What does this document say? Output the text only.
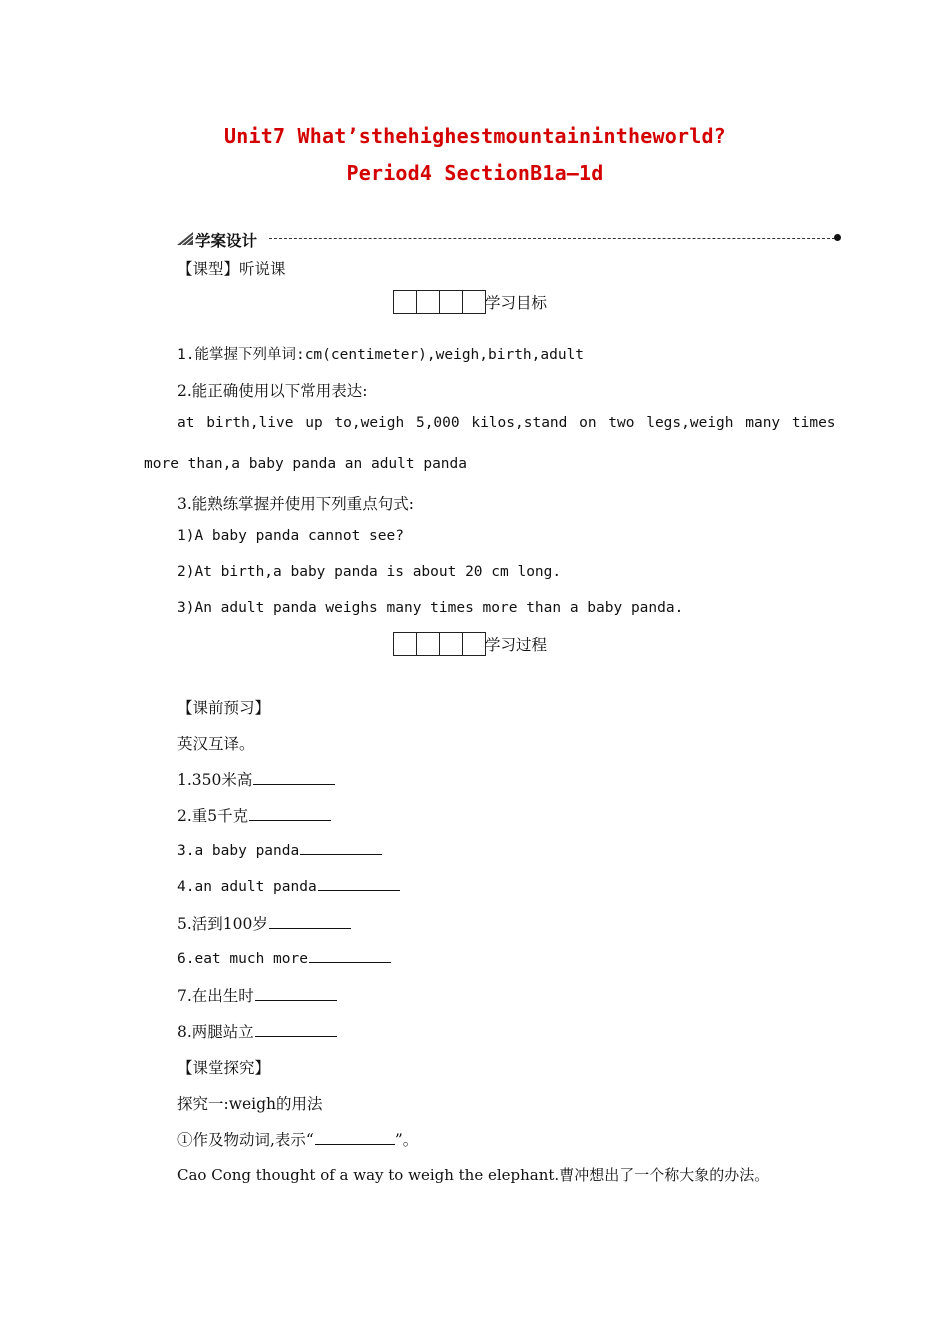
Unit7 What’sthehighestmountainintheworld?
Period4 SectionB1a—1d
学案设计
【课型】听说课
学习目标
1.能掌握下列单词:cm(centimeter),weigh,birth,adult
2.能正确使用以下常用表达:
at birth,live up to,weigh 5,000 kilos,stand on two legs,weigh many times
more than,a baby panda an adult panda
3.能熟练掌握并使用下列重点句式:
1)A baby panda cannot see?
2)At birth,a baby panda is about 20 cm long.
3)An adult panda weighs many times more than a baby panda.
学习过程
【课前预习】
英汉互译。
1.350米高
2.重5千克
3.a baby panda
4.an adult panda
5.活到100岁
6.eat much more
7.在出生时
8.两腿站立
【课堂探究】
探究一:weigh的用法
①作及物动词,表示“	”。
Cao Cong thought of a way to weigh the elephant.曹冲想出了一个称大象的办法。
